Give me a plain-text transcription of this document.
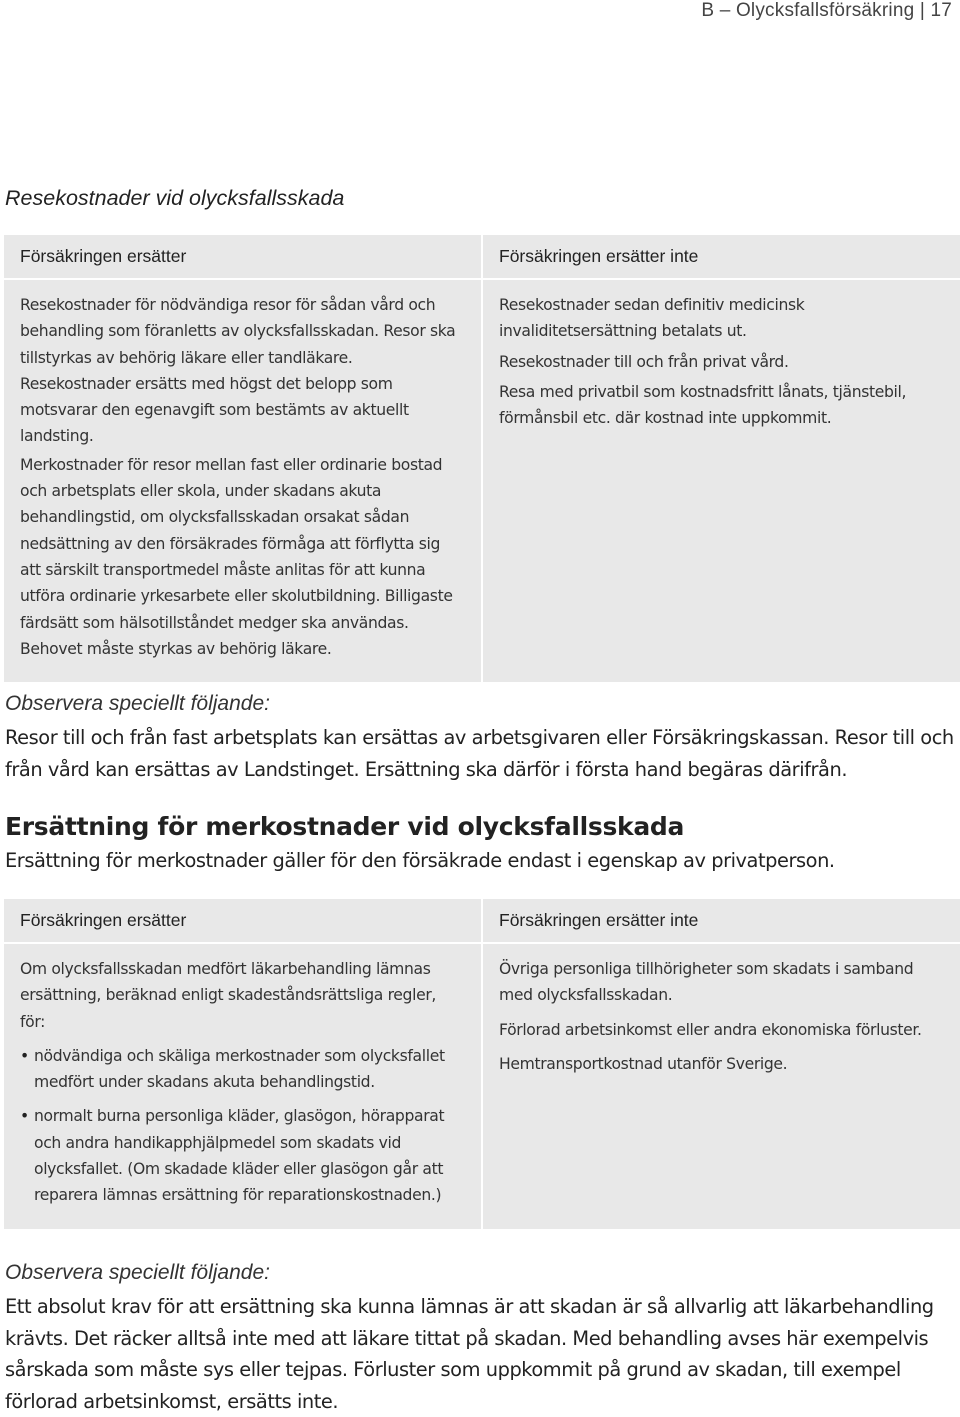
B – Olycksfallsförsäkring | 17
Resekostnader vid olycksfallsskada
Försäkringen ersätter

Resekostnader för nödvändiga resor för sådan vård och behandling som föranletts av olycksfallsskadan. Resor ska tillstyrkas av behörig läkare eller tandläkare. Resekostnader ersätts med högst det belopp som motsvarar den egenavgift som bestämts av aktuellt landsting.

Merkostnader för resor mellan fast eller ordinarie bostad och arbetsplats eller skola, under skadans akuta behandlingstid, om olycksfallsskadan orsakat sådan nedsättning av den försäkrades förmåga att förflytta sig att särskilt transportmedel måste anlitas för att kunna utföra ordinarie yrkesarbete eller skolutbildning. Billigaste färdsätt som hälsotillståndet medger ska användas. Behovet måste styrkas av behörig läkare.

Försäkringen ersätter inte

Resekostnader sedan definitiv medicinsk invaliditetsersättning betalats ut.

Resekostnader till och från privat vård.

Resa med privatbil som kostnadsfritt lånats, tjänstebil, förmånsbil etc. där kostnad inte uppkommit.

Observera speciellt följande:

Resor till och från fast arbetsplats kan ersättas av arbetsgivaren eller Försäkringskassan. Resor till och från vård kan ersättas av Landstinget. Ersättning ska därför i första hand begäras därifrån.

Ersättning för merkostnader vid olycksfallsskada

Ersättning för merkostnader gäller för den försäkrade endast i egenskap av privatperson.

Försäkringen ersätter

Om olycksfallsskadan medfört läkarbehandling lämnas ersättning, beräknad enligt skadeståndsrättsliga regler, för:

• nödvändiga och skäliga merkostnader som olycksfallet medfört under skadans akuta behandlingstid.
• normalt burna personliga kläder, glasögon, hörapparat och andra handikapphjälpmedel som skadats vid olycksfallet. (Om skadade kläder eller glasögon går att reparera lämnas ersättning för reparationskostnaden.)
Försäkringen ersätter inte

Övriga personliga tillhörigheter som skadats i samband med olycksfallsskadan.

Förlorad arbetsinkomst eller andra ekonomiska förluster.

Hemtransportkostnad utanför Sverige.

Observera speciellt följande:

Ett absolut krav för att ersättning ska kunna lämnas är att skadan är så allvarlig att läkarbehandling krävts. Det räcker alltså inte med att läkare tittat på skadan. Med behandling avses här exempelvis sårskada som måste sys eller tejpas. Förluster som uppkommit på grund av skadan, till exempel förlorad arbetsinkomst, ersätts inte.
